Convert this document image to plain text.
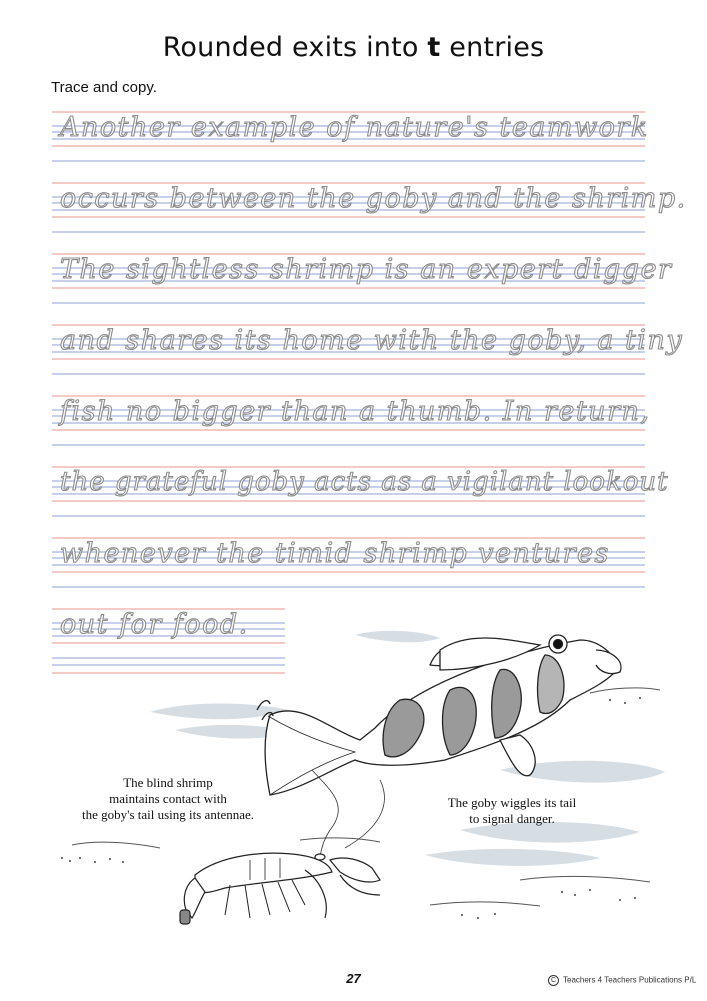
Rounded exits into t entries
Trace and copy.
Another example of nature's teamwork
occurs between the goby and the shrimp.
The sightless shrimp is an expert digger
and shares its home with the goby, a tiny
fish no bigger than a thumb. In return,
the grateful goby acts as a vigilant lookout
whenever the timid shrimp ventures
out for food.
The blind shrimp
maintains contact with
the goby's tail using its antennae.
The goby wiggles its tail
to signal danger.
27	C Teachers 4 Teachers Publications P/L
